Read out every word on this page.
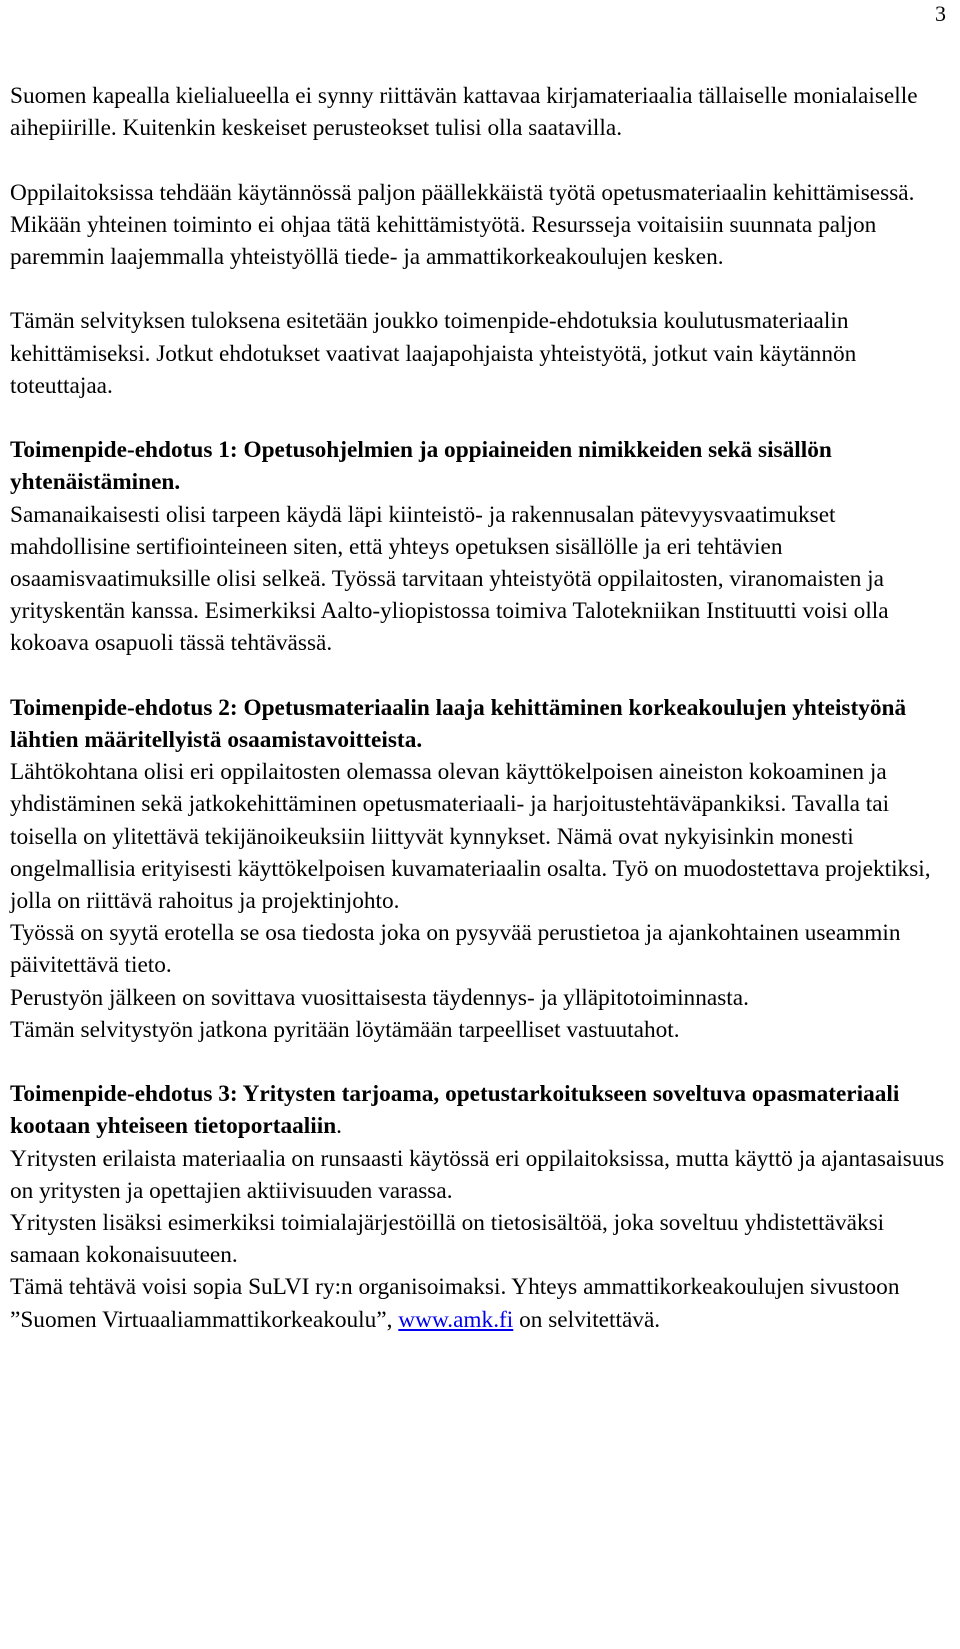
3

Suomen kapealla kielialueella ei synny riittävän kattavaa kirjamateriaalia tällaiselle monialaiselle aihepiirille. Kuitenkin keskeiset perusteokset tulisi olla saatavilla.

Oppilaitoksissa tehdään käytännössä paljon päällekkäistä työtä opetusmateriaalin kehittämisessä. Mikään yhteinen toiminto ei ohjaa tätä kehittämistyötä. Resursseja voitaisiin suunnata paljon paremmin laajemmalla yhteistyöllä tiede- ja ammattikorkeakoulujen kesken.

Tämän selvityksen tuloksena esitetään joukko toimenpide-ehdotuksia koulutusmateriaalin kehittämiseksi. Jotkut ehdotukset vaativat laajapohjaista yhteistyötä, jotkut vain käytännön toteuttajaa.

Toimenpide-ehdotus 1: Opetusohjelmien ja oppiaineiden nimikkeiden sekä sisällön yhtenäistäminen.

Samanaikaisesti olisi tarpeen käydä läpi kiinteistö- ja rakennusalan pätevyysvaatimukset mahdollisine sertifiointeineen siten, että yhteys opetuksen sisällölle ja eri tehtävien osaamisvaatimuksille olisi selkeä. Työssä tarvitaan yhteistyötä oppilaitosten, viranomaisten ja yrityskentän kanssa. Esimerkiksi Aalto-yliopistossa toimiva Talotekniikan Instituutti voisi olla kokoava osapuoli tässä tehtävässä.

Toimenpide-ehdotus 2: Opetusmateriaalin laaja kehittäminen korkeakoulujen yhteistyönä lähtien määritellyistä osaamistavoitteista.

Lähtökohtana olisi eri oppilaitosten olemassa olevan käyttökelpoisen aineiston kokoaminen ja yhdistäminen sekä jatkokehittäminen opetusmateriaali- ja harjoitustehtäväpankiksi. Tavalla tai toisella on ylitettävä tekijänoikeuksiin liittyvät kynnykset. Nämä ovat nykyisinkin monesti ongelmallisia erityisesti käyttökelpoisen kuvamateriaalin osalta. Työ on muodostettava projektiksi, jolla on riittävä rahoitus ja projektinjohto.

Työssä on syytä erotella se osa tiedosta joka on pysyvää perustietoa ja ajankohtainen useammin päivitettävä tieto.

Perustyön jälkeen on sovittava vuosittaisesta täydennys- ja ylläpitotoiminnasta.

Tämän selvitystyön jatkona pyritään löytämään tarpeelliset vastuutahot.

Toimenpide-ehdotus 3: Yritysten tarjoama, opetustarkoitukseen soveltuva opasmateriaali kootaan yhteiseen tietoportaaliin.

Yritysten erilaista materiaalia on runsaasti käytössä eri oppilaitoksissa, mutta käyttö ja ajantasaisuus on yritysten ja opettajien aktiivisuuden varassa.

Yritysten lisäksi esimerkiksi toimialajärjestöillä on tietosisältöä, joka soveltuu yhdistettäväksi samaan kokonaisuuteen.

Tämä tehtävä voisi sopia SuLVI ry:n organisoimaksi. Yhteys ammattikorkeakoulujen sivustoon ”Suomen Virtuaaliammattikorkeakoulu”, www.amk.fi on selvitettävä.
